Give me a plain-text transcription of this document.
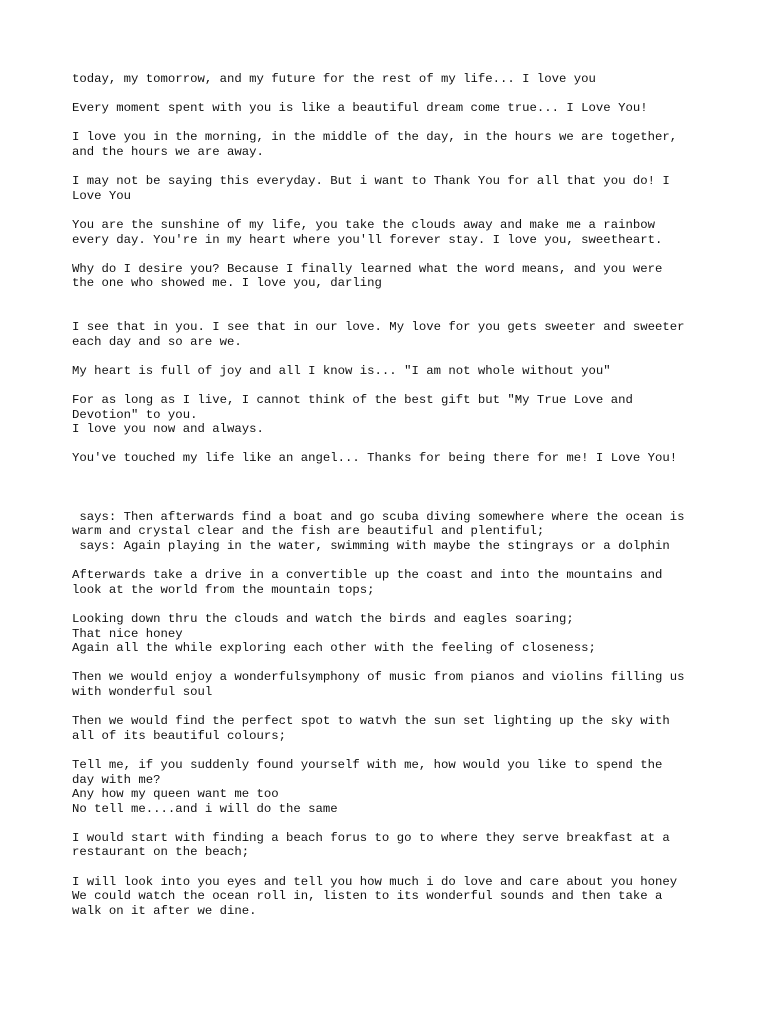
today, my tomorrow, and my future for the rest of my life... I love you

Every moment spent with you is like a beautiful dream come true... I Love You!

I love you in the morning, in the middle of the day, in the hours we are together,
and the hours we are away.

I may not be saying this everyday. But i want to Thank You for all that you do! I
Love You

You are the sunshine of my life, you take the clouds away and make me a rainbow
every day. You're in my heart where you'll forever stay. I love you, sweetheart.

Why do I desire you? Because I finally learned what the word means, and you were
the one who showed me. I love you, darling

I see that in you. I see that in our love. My love for you gets sweeter and sweeter
each day and so are we.

My heart is full of joy and all I know is... "I am not whole without you"

For as long as I live, I cannot think of the best gift but "My True Love and
Devotion" to you.
I love you now and always.

You've touched my life like an angel... Thanks for being there for me! I Love You!

says: Then afterwards find a boat and go scuba diving somewhere where the ocean is
warm and crystal clear and the fish are beautiful and plentiful;
says: Again playing in the water, swimming with maybe the stingrays or a dolphin

Afterwards take a drive in a convertible up the coast and into the mountains and
look at the world from the mountain tops;

Looking down thru the clouds and watch the birds and eagles soaring;
That nice honey
Again all the while exploring each other with the feeling of closeness;

Then we would enjoy a wonderfulsymphony of music from pianos and violins filling us
with wonderful soul

Then we would find the perfect spot to watvh the sun set lighting up the sky with
all of its beautiful colours;

Tell me, if you suddenly found yourself with me, how would you like to spend the
day with me?
Any how my queen want me too
No tell me....and i will do the same

I would start with finding a beach forus to go to where they serve breakfast at a
restaurant on the beach;

I will look into you eyes and tell you how much i do love and care about you honey
We could watch the ocean roll in, listen to its wonderful sounds and then take a
walk on it after we dine.
